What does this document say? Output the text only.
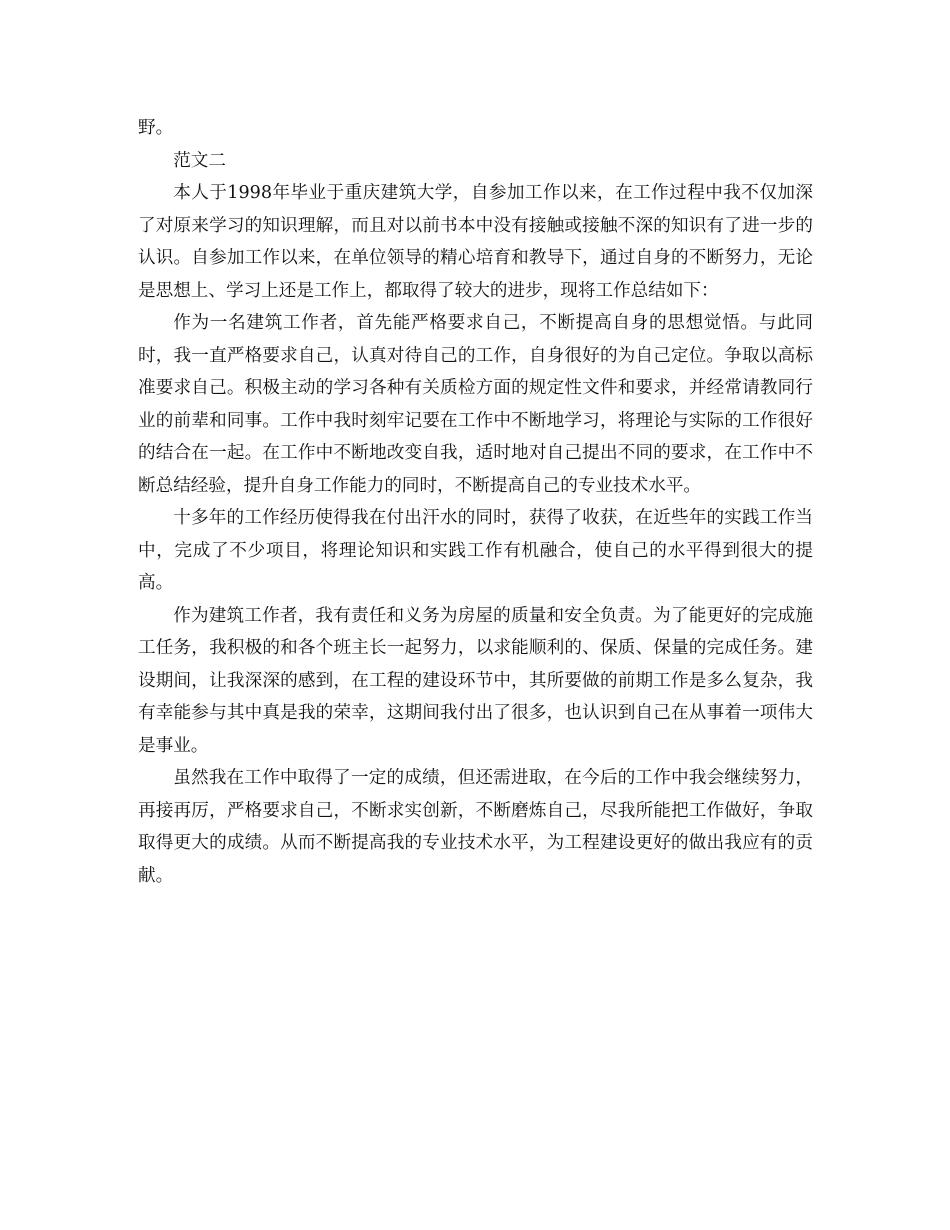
野。

范文二

本人于1998年毕业于重庆建筑大学，自参加工作以来，在工作过程中我不仅加深了对原来学习的知识理解，而且对以前书本中没有接触或接触不深的知识有了进一步的认识。自参加工作以来，在单位领导的精心培育和教导下，通过自身的不断努力，无论是思想上、学习上还是工作上，都取得了较大的进步，现将工作总结如下：

作为一名建筑工作者，首先能严格要求自己，不断提高自身的思想觉悟。与此同时，我一直严格要求自己，认真对待自己的工作，自身很好的为自己定位。争取以高标准要求自己。积极主动的学习各种有关质检方面的规定性文件和要求，并经常请教同行业的前辈和同事。工作中我时刻牢记要在工作中不断地学习，将理论与实际的工作很好的结合在一起。在工作中不断地改变自我，适时地对自己提出不同的要求，在工作中不断总结经验，提升自身工作能力的同时，不断提高自己的专业技术水平。

十多年的工作经历使得我在付出汗水的同时，获得了收获，在近些年的实践工作当中，完成了不少项目，将理论知识和实践工作有机融合，使自己的水平得到很大的提高。

作为建筑工作者，我有责任和义务为房屋的质量和安全负责。为了能更好的完成施工任务，我积极的和各个班主长一起努力，以求能顺利的、保质、保量的完成任务。建设期间，让我深深的感到，在工程的建设环节中，其所要做的前期工作是多么复杂，我有幸能参与其中真是我的荣幸，这期间我付出了很多，也认识到自己在从事着一项伟大是事业。

虽然我在工作中取得了一定的成绩，但还需进取，在今后的工作中我会继续努力，再接再厉，严格要求自己，不断求实创新，不断磨炼自己，尽我所能把工作做好，争取取得更大的成绩。从而不断提高我的专业技术水平，为工程建设更好的做出我应有的贡献。
